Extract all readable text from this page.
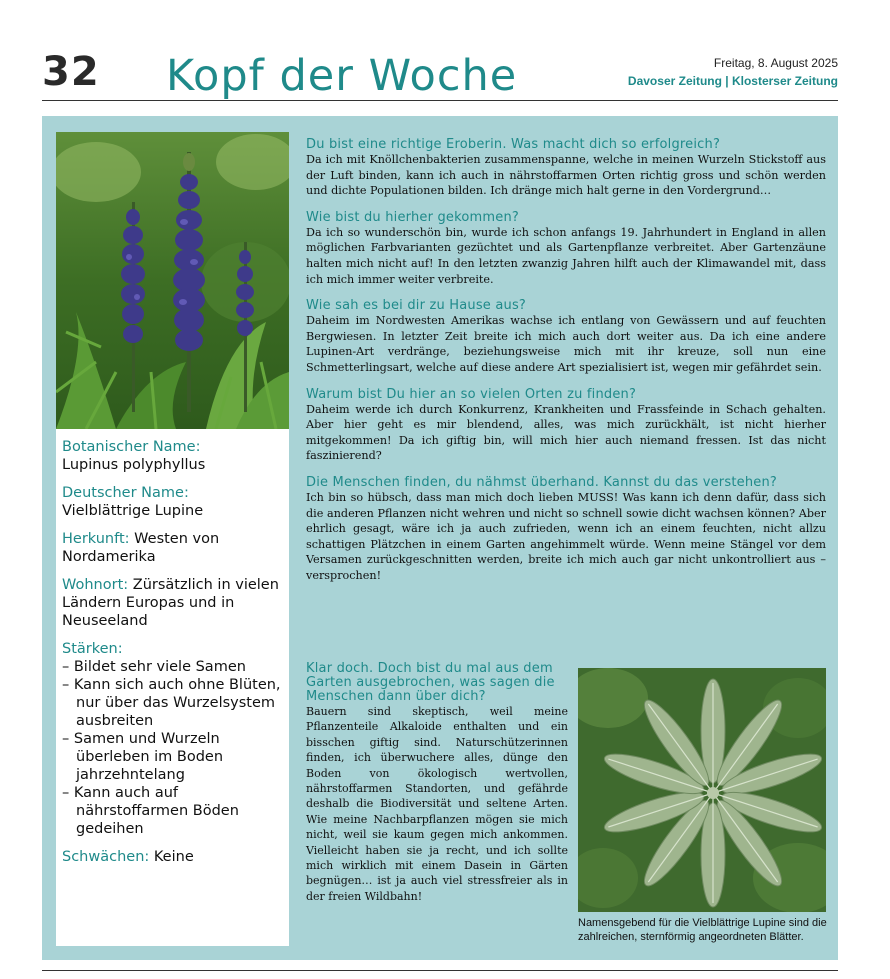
32 Kopf der Woche	Freitag, 8. August 2025
Davoser Zeitung | Klosterser Zeitung
Botanischer Name:
Lupinus polyphyllus
Deutscher Name:
Vielblättrige Lupine
Herkunft: Westen von Nordamerika
Wohnort: Zürsätzlich in vielen Ländern Europas und in Neuseeland
Stärken:
– Bildet sehr viele Samen
– Kann sich auch ohne Blüten, nur über das Wurzelsystem ausbreiten
– Samen und Wurzeln überleben im Boden jahrzehntelang
– Kann auch auf nährstoffarmen Böden gedeihen
Schwächen: Keine

Du bist eine richtige Eroberin. Was macht dich so erfolgreich?

Da ich mit Knöllchenbakterien zusammenspanne, welche in meinen Wurzeln Stickstoff aus der Luft binden, kann ich auch in nährstoffarmen Orten richtig gross und schön werden und dichte Populationen bilden. Ich dränge mich halt gerne in den Vordergrund…

Wie bist du hierher gekommen?

Da ich so wunderschön bin, wurde ich schon anfangs 19. Jahrhundert in England in allen möglichen Farbvarianten gezüchtet und als Gartenpflanze verbreitet. Aber Gartenzäune halten mich nicht auf! In den letzten zwanzig Jahren hilft auch der Klimawandel mit, dass ich mich immer weiter verbreite.

Wie sah es bei dir zu Hause aus?

Daheim im Nordwesten Amerikas wachse ich entlang von Gewässern und auf feuchten Bergwiesen. In letzter Zeit breite ich mich auch dort weiter aus. Da ich eine andere Lupinen-Art verdränge, beziehungsweise mich mit ihr kreuze, soll nun eine Schmetterlingsart, welche auf diese andere Art spezialisiert ist, wegen mir gefährdet sein.

Warum bist Du hier an so vielen Orten zu finden?

Daheim werde ich durch Konkurrenz, Krankheiten und Frassfeinde in Schach gehalten. Aber hier geht es mir blendend, alles, was mich zurückhält, ist nicht hierher mitgekommen! Da ich giftig bin, will mich hier auch niemand fressen. Ist das nicht faszinierend?

Die Menschen finden, du nähmst überhand. Kannst du das verstehen?

Ich bin so hübsch, dass man mich doch lieben MUSS! Was kann ich denn dafür, dass sich die anderen Pflanzen nicht wehren und nicht so schnell sowie dicht wachsen können? Aber ehrlich gesagt, wäre ich ja auch zufrieden, wenn ich an einem feuchten, nicht allzu schattigen Plätzchen in einem Garten angehimmelt würde. Wenn meine Stängel vor dem Versamen zurückgeschnitten werden, breite ich mich auch gar nicht unkontrolliert aus – versprochen!

Klar doch. Doch bist du mal aus dem Garten ausgebrochen, was sagen die Menschen dann über dich?

Bauern sind skeptisch, weil meine Pflanzenteile Alkaloide enthalten und ein bisschen giftig sind. Naturschützerinnen finden, ich überwuchere alles, dünge den Boden von ökologisch wertvollen, nährstoffarmen Standorten, und gefährde deshalb die Biodiversität und seltene Arten. Wie meine Nachbarpflanzen mögen sie mich nicht, weil sie kaum gegen mich ankommen. Vielleicht haben sie ja recht, und ich sollte mich wirklich mit einem Dasein in Gärten begnügen… ist ja auch viel stressfreier als in der freien Wildbahn!

Namensgebend für die Vielblättrige Lupine sind die zahlreichen, sternförmig angeordneten Blätter.
